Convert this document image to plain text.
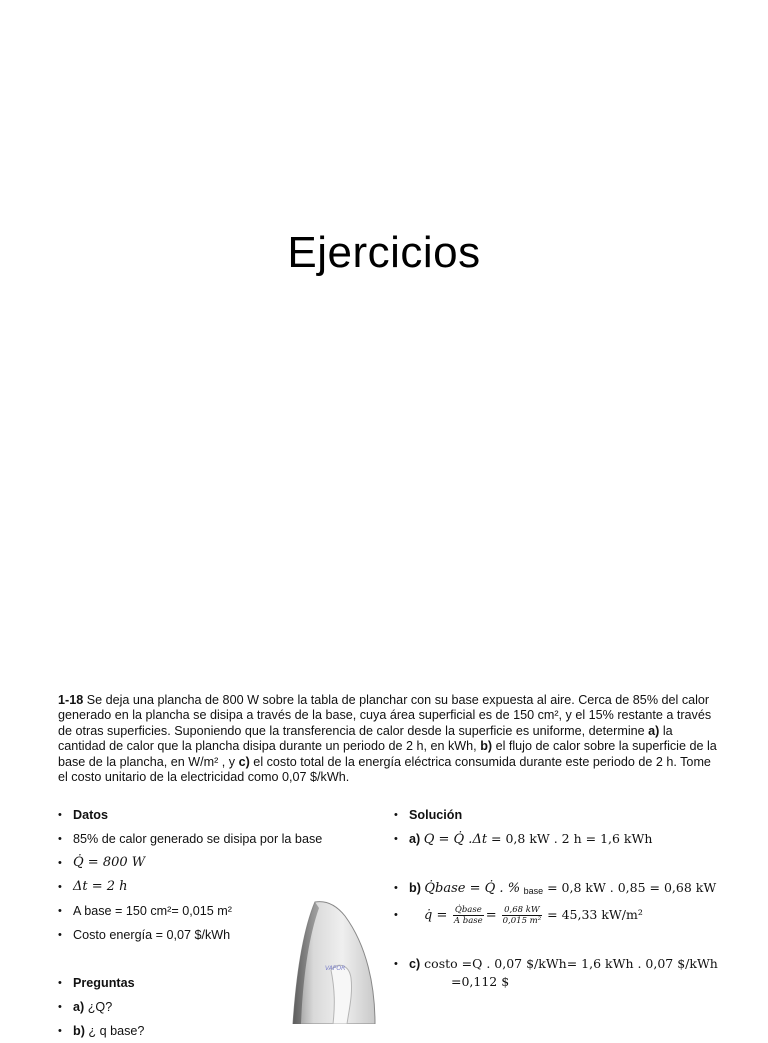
Ejercicios
1-18 Se deja una plancha de 800 W sobre la tabla de planchar con su base expuesta al aire. Cerca de 85% del calor generado en la plancha se disipa a través de la base, cuya área superficial es de 150 cm², y el 15% restante a través de otras superficies. Suponiendo que la transferencia de calor desde la superficie es uniforme, determine a) la cantidad de calor que la plancha disipa durante un periodo de 2 h, en kWh, b) el flujo de calor sobre la superficie de la base de la plancha, en W/m² , y c) el costo total de la energía eléctrica consumida durante este periodo de 2 h. Tome el costo unitario de la electricidad como 0,07 $/kWh.
• Datos
• 85% de calor generado se disipa por la base
• Q̇ = 800 W
• Δt = 2 h
• A base = 150 cm²= 0,015 m²
• Costo energía = 0,07 $/kWh
• Preguntas
• a) ¿Q?
• b) ¿ q base?
VAPOR
• Solución
• a) Q = Q̇ .Δt = 0,8 kW . 2 h = 1,6 kWh
• b) Q̇base = Q̇ . % $_{base}$ = 0,8 kW . 0,85 = 0,68 kW
•	q̇ = $\frac{\text{Q̇base}}{\text{A base}} = \frac{0,68 kW}{\text{0,015 m²}} = 45,33$ kW/m²
• c) costo =Q . 0,07 $/kWh= 1,6 kWh . 0,07 $/kWh
=0,112 $
